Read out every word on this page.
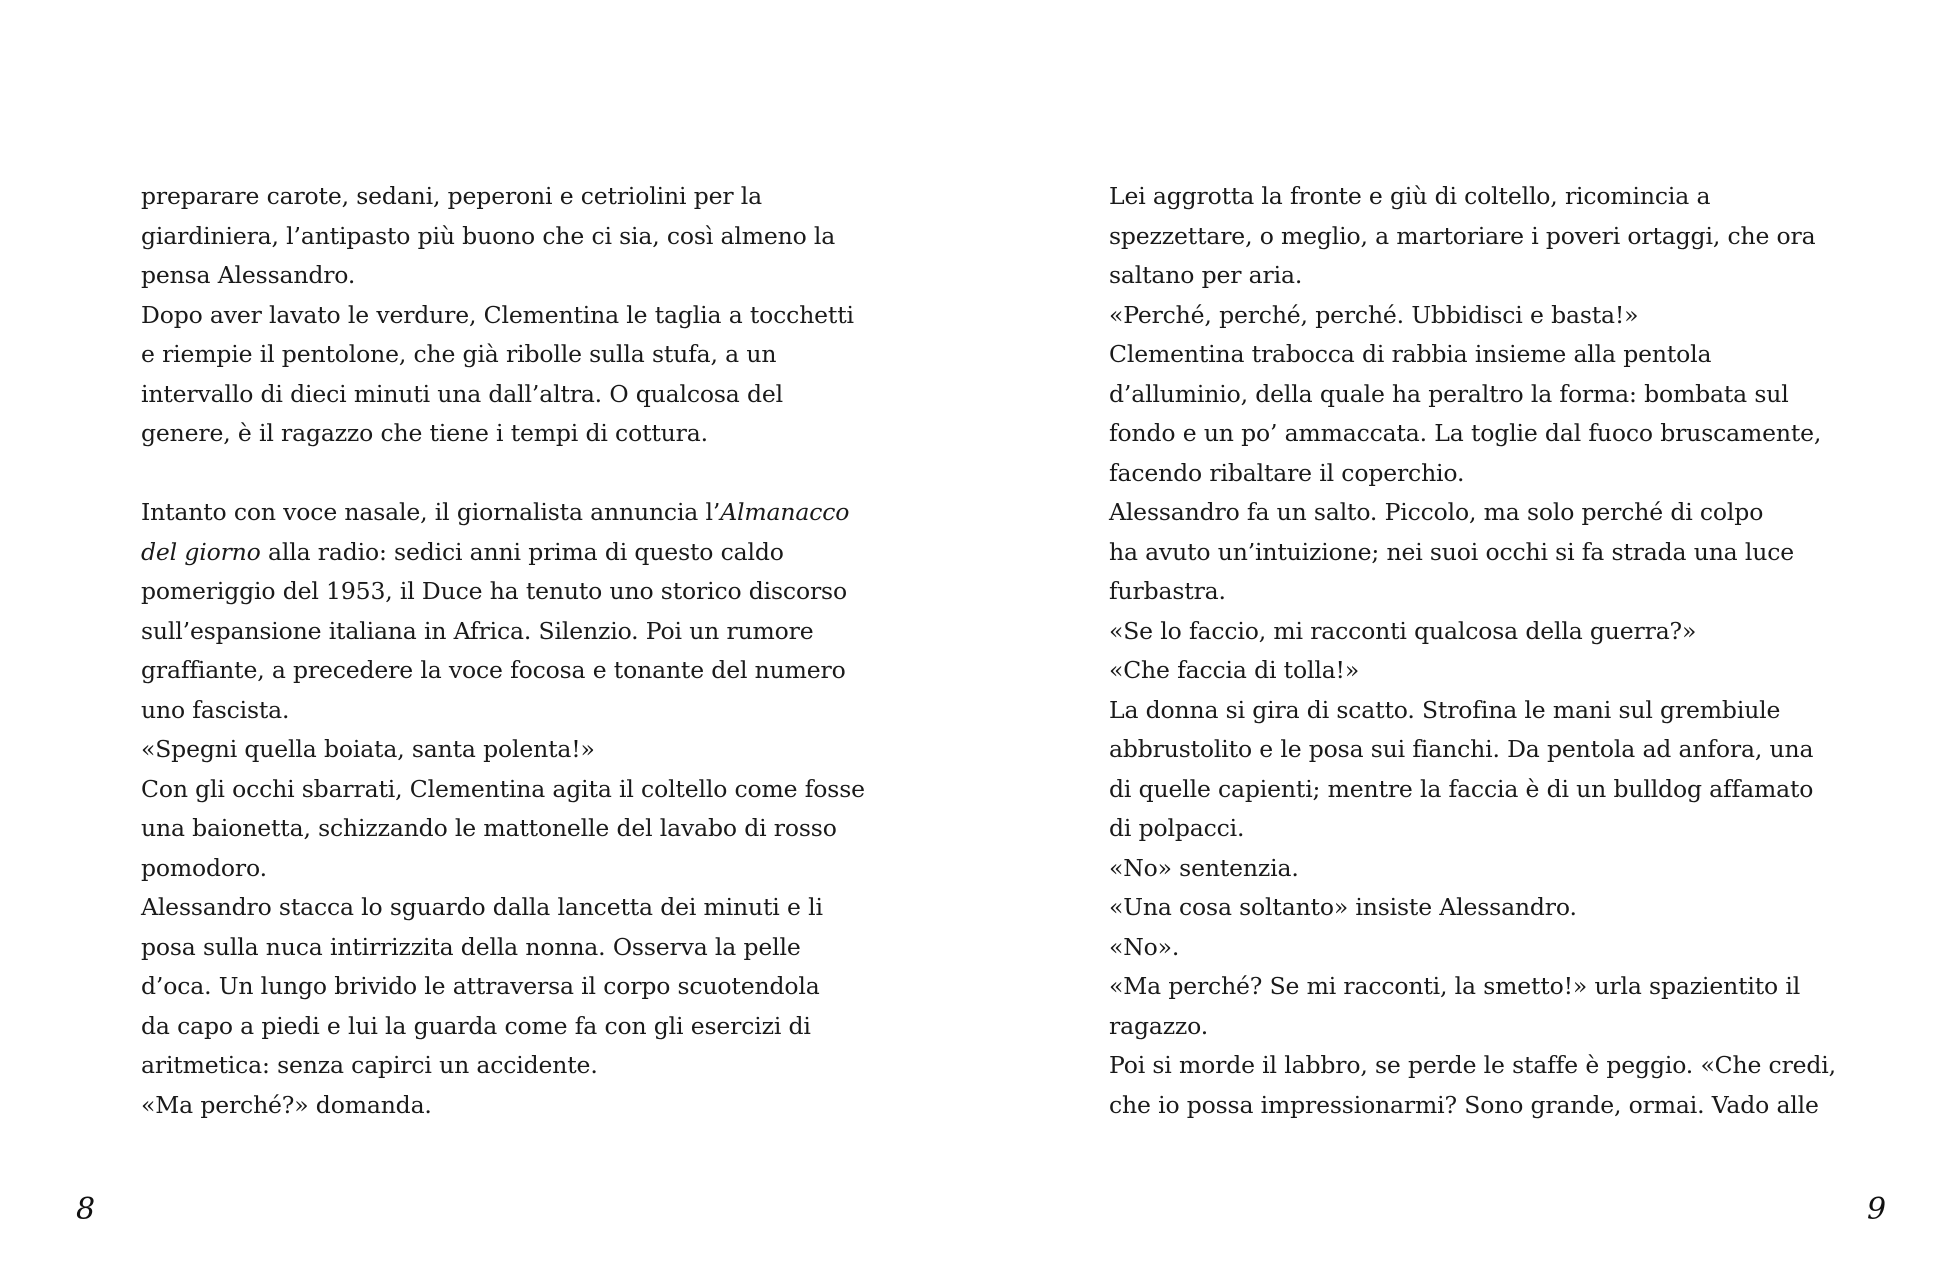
preparare carote, sedani, peperoni e cetriolini per la
giardiniera, l’antipasto più buono che ci sia, così almeno la
pensa Alessandro.
Dopo aver lavato le verdure, Clementina le taglia a tocchetti
e riempie il pentolone, che già ribolle sulla stufa, a un
intervallo di dieci minuti una dall’altra. O qualcosa del
genere, è il ragazzo che tiene i tempi di cottura.
Intanto con voce nasale, il giornalista annuncia l’Almanacco
del giorno alla radio: sedici anni prima di questo caldo
pomeriggio del 1953, il Duce ha tenuto uno storico discorso
sull’espansione italiana in Africa. Silenzio. Poi un rumore
graffiante, a precedere la voce focosa e tonante del numero
uno fascista.
«Spegni quella boiata, santa polenta!»
Con gli occhi sbarrati, Clementina agita il coltello come fosse
una baionetta, schizzando le mattonelle del lavabo di rosso
pomodoro.
Alessandro stacca lo sguardo dalla lancetta dei minuti e li
posa sulla nuca intirrizzita della nonna. Osserva la pelle
d’oca. Un lungo brivido le attraversa il corpo scuotendola
da capo a piedi e lui la guarda come fa con gli esercizi di
aritmetica: senza capirci un accidente.
«Ma perché?» domanda.
8
Lei aggrotta la fronte e giù di coltello, ricomincia a
spezzettare, o meglio, a martoriare i poveri ortaggi, che ora
saltano per aria.
«Perché, perché, perché. Ubbidisci e basta!»
Clementina trabocca di rabbia insieme alla pentola
d’alluminio, della quale ha peraltro la forma: bombata sul
fondo e un po’ ammaccata. La toglie dal fuoco bruscamente,
facendo ribaltare il coperchio.
Alessandro fa un salto. Piccolo, ma solo perché di colpo
ha avuto un’intuizione; nei suoi occhi si fa strada una luce
furbastra.
«Se lo faccio, mi racconti qualcosa della guerra?»
«Che faccia di tolla!»
La donna si gira di scatto. Strofina le mani sul grembiule
abbrustolito e le posa sui fianchi. Da pentola ad anfora, una
di quelle capienti; mentre la faccia è di un bulldog affamato
di polpacci.
«No» sentenzia.
«Una cosa soltanto» insiste Alessandro.
«No».
«Ma perché? Se mi racconti, la smetto!» urla spazientito il
ragazzo.
Poi si morde il labbro, se perde le staffe è peggio. «Che credi,
che io possa impressionarmi? Sono grande, ormai. Vado alle
9
